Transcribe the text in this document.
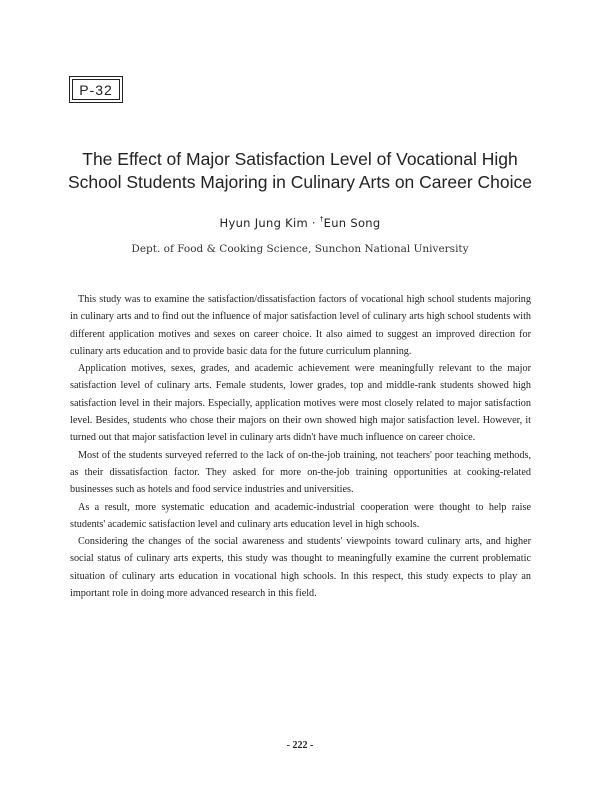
P-32
The Effect of Major Satisfaction Level of Vocational High
School Students Majoring in Culinary Arts on Career Choice
Hyun Jung Kim · †Eun Song
Dept. of Food & Cooking Science, Sunchon National University

This study was to examine the satisfaction/dissatisfaction factors of vocational high school students majoring in culinary arts and to find out the influence of major satisfaction level of culinary arts high school students with different application motives and sexes on career choice. It also aimed to suggest an improved direction for culinary arts education and to provide basic data for the future curriculum planning.

Application motives, sexes, grades, and academic achievement were meaningfully relevant to the major satisfaction level of culinary arts. Female students, lower grades, top and middle-rank students showed high satisfaction level in their majors. Especially, application motives were most closely related to major satisfaction level. Besides, students who chose their majors on their own showed high major satisfaction level. However, it turned out that major satisfaction level in culinary arts didn't have much influence on career choice.

Most of the students surveyed referred to the lack of on-the-job training, not teachers' poor teaching methods, as their dissatisfaction factor. They asked for more on-the-job training opportunities at cooking-related businesses such as hotels and food service industries and universities.

As a result, more systematic education and academic-industrial cooperation were thought to help raise students' academic satisfaction level and culinary arts education level in high schools.

Considering the changes of the social awareness and students' viewpoints toward culinary arts, and higher social status of culinary arts experts, this study was thought to meaningfully examine the current problematic situation of culinary arts education in vocational high schools. In this respect, this study expects to play an important role in doing more advanced research in this field.

- 222 -
